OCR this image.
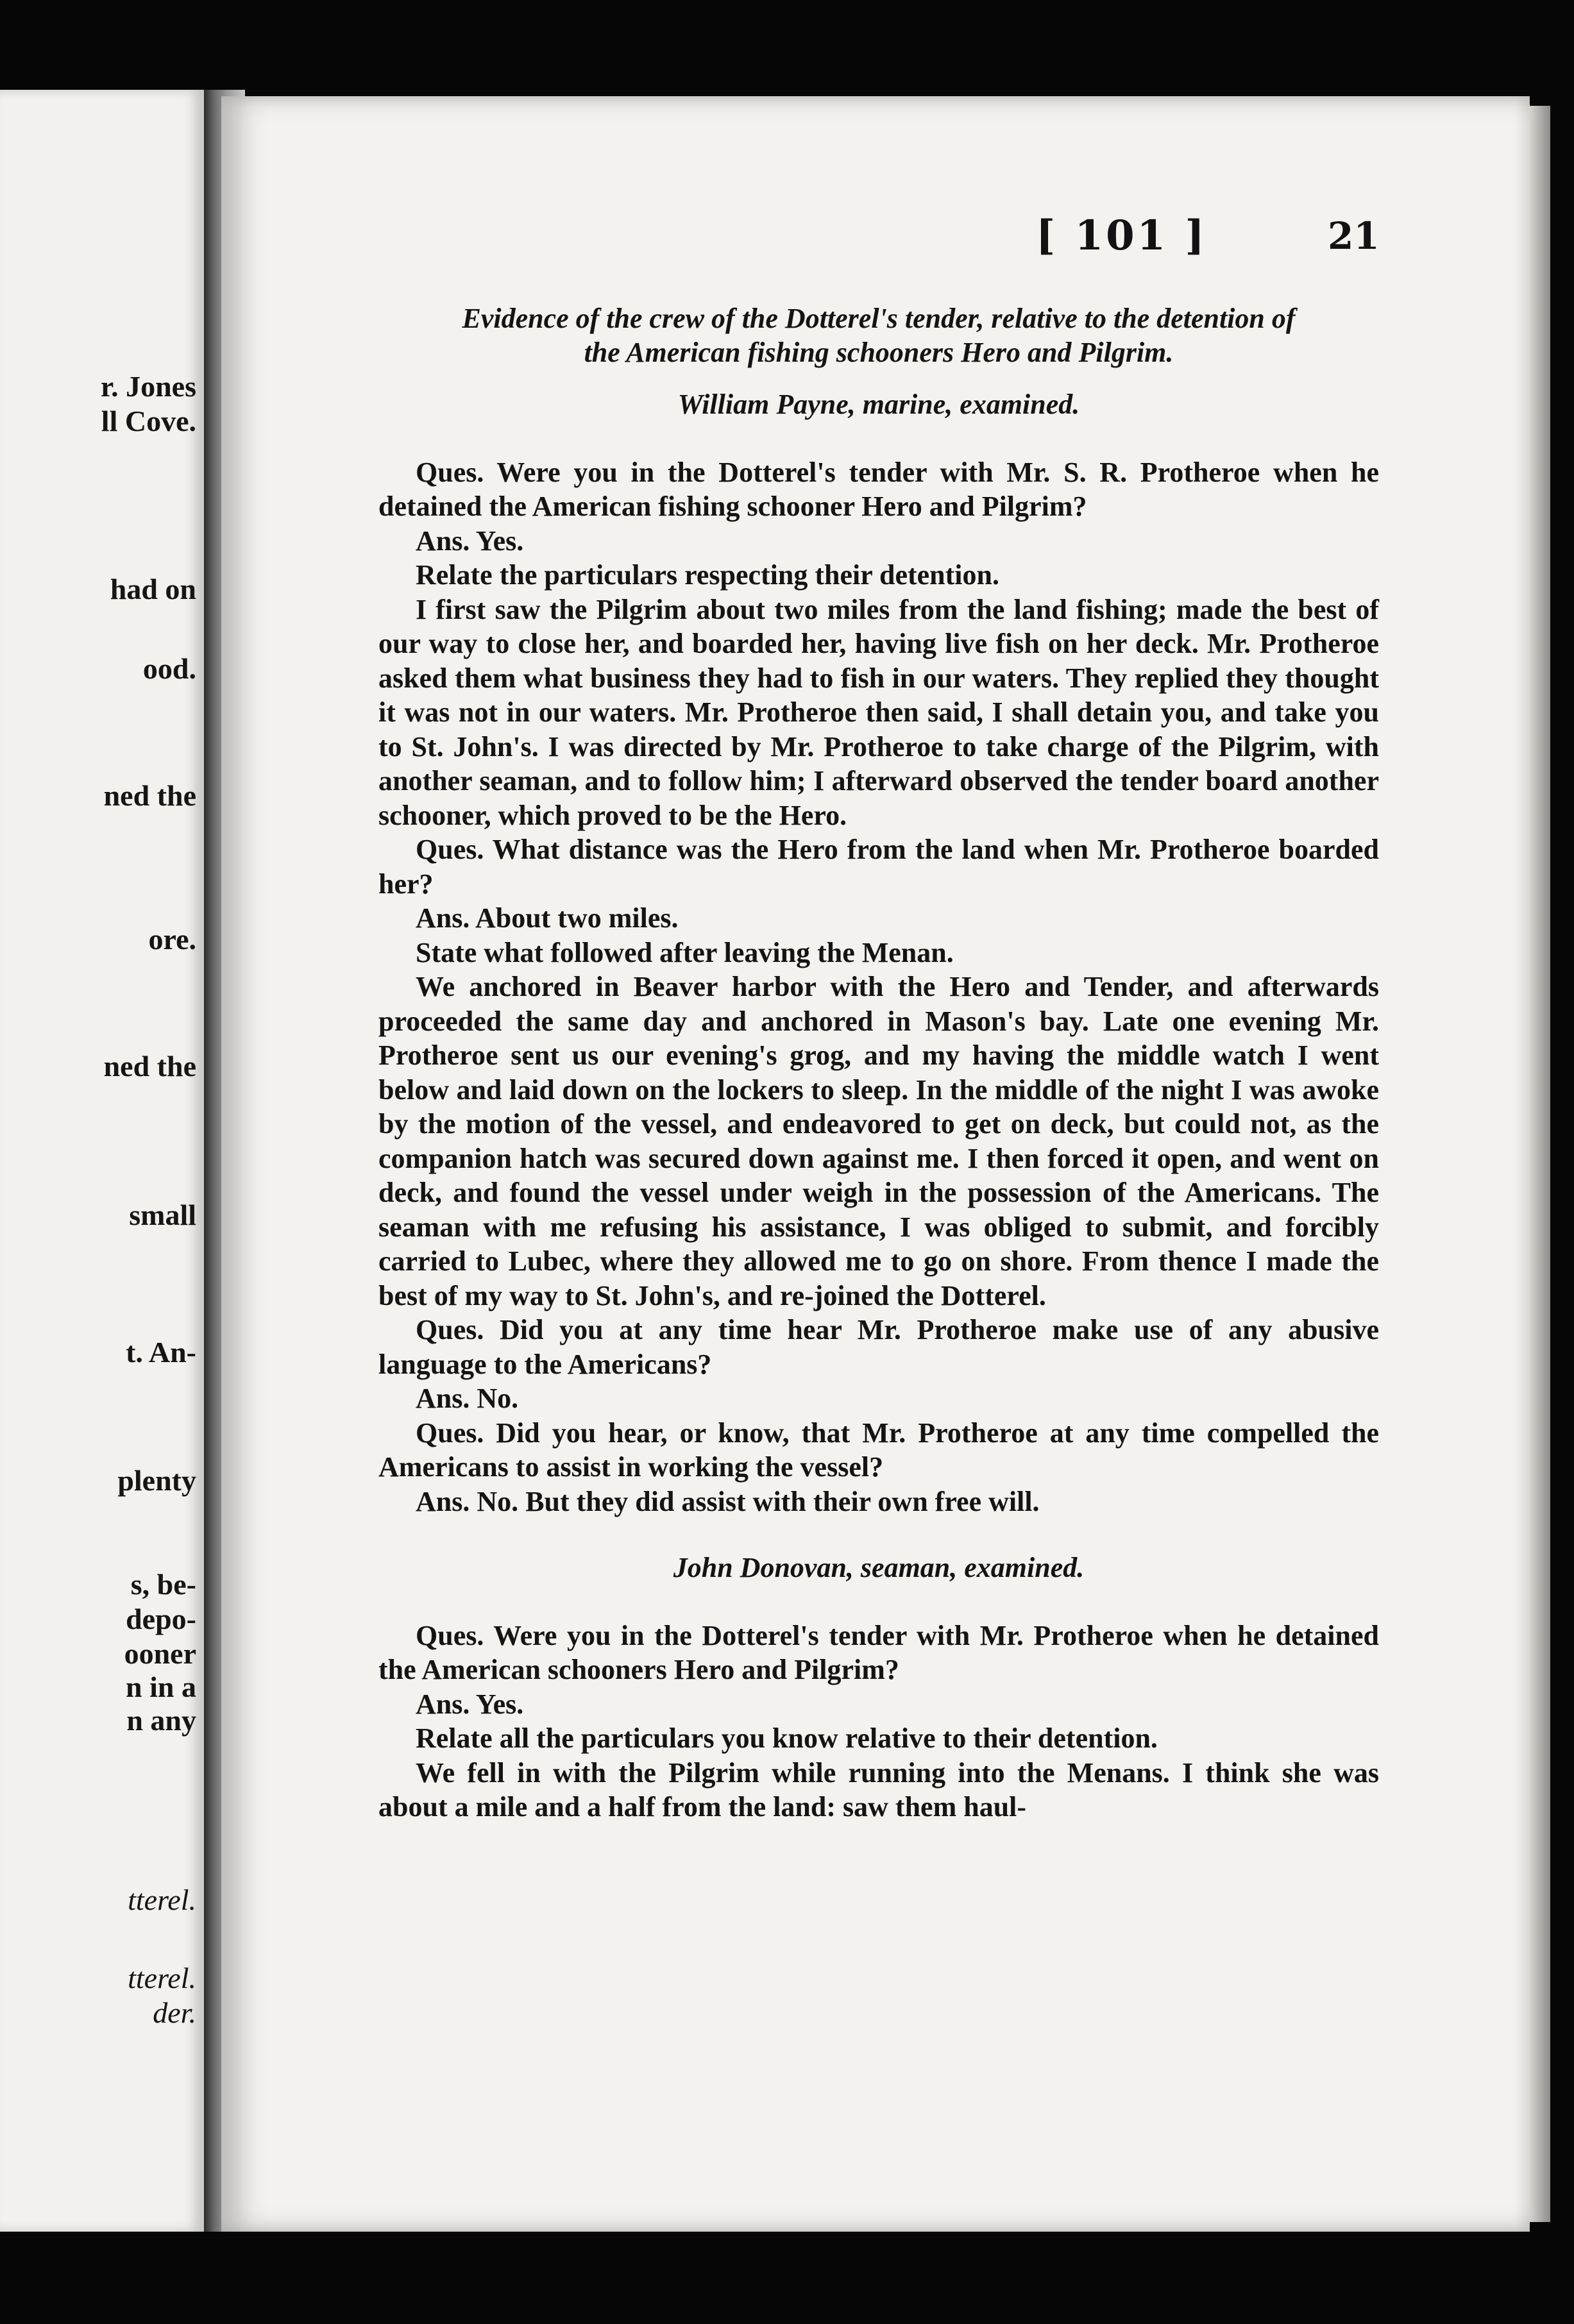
r. Jones
ll Cove.
had on
ood.
ned the
ore.
ned the
small
t. An-
plenty
s, be-
depo-
ooner
n in a
n any
tterel.
tterel.
der.
[ 101 ]	21
Evidence of the crew of the Dotterel's tender, relative to the detention of
the American fishing schooners Hero and Pilgrim.

William Payne, marine, examined.

Ques. Were you in the Dotterel's tender with Mr. S. R. Protheroe when he detained the American fishing schooner Hero and Pilgrim?

Ans. Yes.

Relate the particulars respecting their detention.

I first saw the Pilgrim about two miles from the land fishing; made the best of our way to close her, and boarded her, having live fish on her deck. Mr. Protheroe asked them what business they had to fish in our waters. They replied they thought it was not in our waters. Mr. Protheroe then said, I shall detain you, and take you to St. John's. I was directed by Mr. Protheroe to take charge of the Pilgrim, with another seaman, and to follow him; I afterward observed the tender board another schooner, which proved to be the Hero.

Ques. What distance was the Hero from the land when Mr. Protheroe boarded her?

Ans. About two miles.

State what followed after leaving the Menan.

We anchored in Beaver harbor with the Hero and Tender, and afterwards proceeded the same day and anchored in Mason's bay. Late one evening Mr. Protheroe sent us our evening's grog, and my having the middle watch I went below and laid down on the lockers to sleep. In the middle of the night I was awoke by the motion of the vessel, and endeavored to get on deck, but could not, as the companion hatch was secured down against me. I then forced it open, and went on deck, and found the vessel under weigh in the possession of the Americans. The seaman with me refusing his assistance, I was obliged to submit, and forcibly carried to Lubec, where they allowed me to go on shore. From thence I made the best of my way to St. John's, and re-joined the Dotterel.

Ques. Did you at any time hear Mr. Protheroe make use of any abusive language to the Americans?

Ans. No.

Ques. Did you hear, or know, that Mr. Protheroe at any time compelled the Americans to assist in working the vessel?

Ans. No. But they did assist with their own free will.

John Donovan, seaman, examined.

Ques. Were you in the Dotterel's tender with Mr. Protheroe when he detained the American schooners Hero and Pilgrim?

Ans. Yes.

Relate all the particulars you know relative to their detention.

We fell in with the Pilgrim while running into the Menans. I think she was about a mile and a half from the land: saw them haul-
